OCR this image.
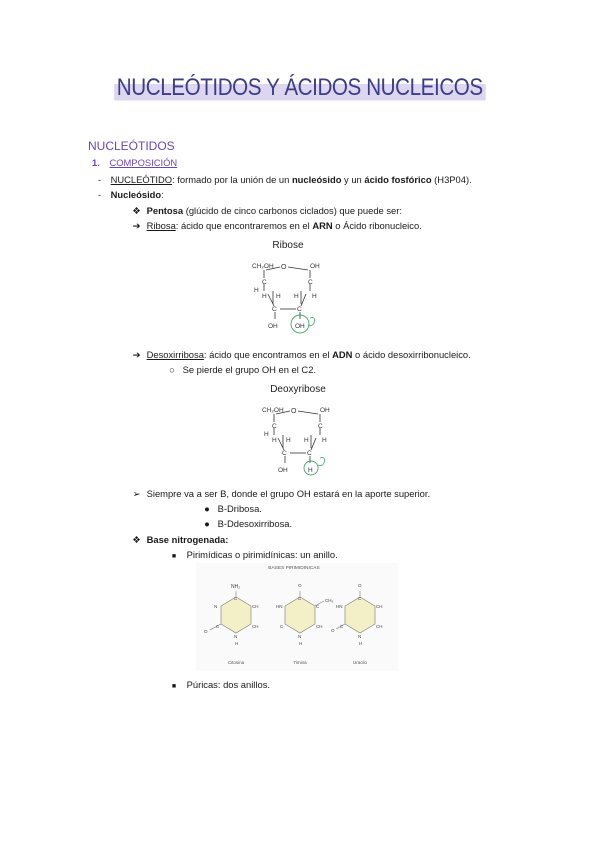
NUCLEÓTIDOS Y ÁCIDOS NUCLEICOS
NUCLEÓTIDOS
1. COMPOSICIÓN
- NUCLEÓTIDO: formado por la unión de un nucleósido y un ácido fosfórico (H3P04).
- Nucleósido:
❖ Pentosa (glúcido de cinco carbonos ciclados) que puede ser:
➔ Ribosa: ácido que encontraremos en el ARN o Ácido ribonucleico.
Ribose
CH₂OH O	OH
C	C
H
H H H H
C	C
OH	OH
➔ Desoxirribosa: ácido que encontramos en el ADN o ácido desoxirribonucleico.
○ Se pierde el grupo OH en el C2.
Deoxyribose
CH₂OH O	OH
C	C
H
H H H H
C	C
OH	H
➢ Siempre va a ser B, donde el grupo OH estará en la aporte superior.
● B-Dribosa.
● B-Ddesoxirribosa.
❖ Base nitrogenada:
■ Pirimídicas o pirimidínicas: un anillo.
BASES PIRIMIDINICAS
NH₂
C
N	CH
C	CH
N
H
O
Citosina
O
C
HN	C
CH₃
C	CH
N
H
Timina
O
C
HN	CH
C	CH
N
H
O
Uracilo
■ Púricas: dos anillos.
